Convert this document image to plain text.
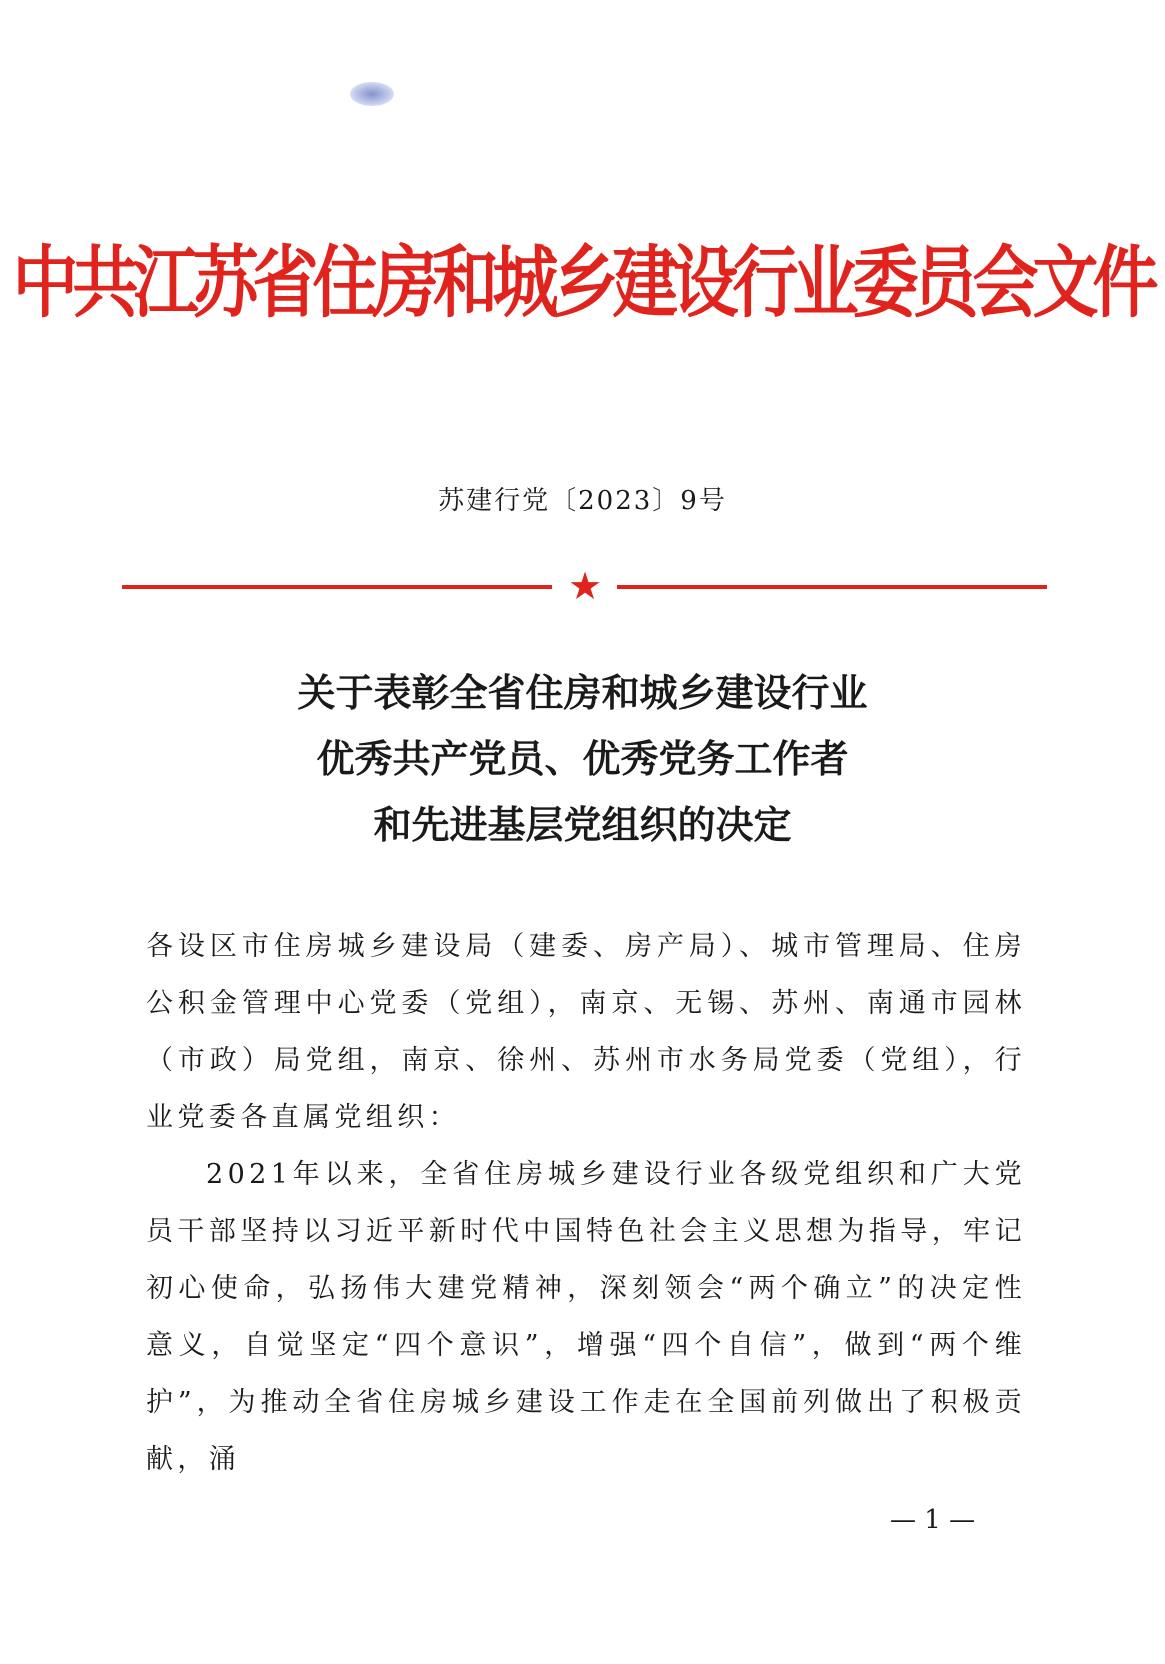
中共江苏省住房和城乡建设行业委员会文件
苏建行党〔2023〕9号
★
关于表彰全省住房和城乡建设行业
优秀共产党员、优秀党务工作者
和先进基层党组织的决定

各设区市住房城乡建设局（建委、房产局）、城市管理局、住房公积金管理中心党委（党组），南京、无锡、苏州、南通市园林（市政）局党组，南京、徐州、苏州市水务局党委（党组），行业党委各直属党组织：

2021年以来，全省住房城乡建设行业各级党组织和广大党员干部坚持以习近平新时代中国特色社会主义思想为指导，牢记初心使命，弘扬伟大建党精神，深刻领会“两个确立”的决定性意义，自觉坚定“四个意识”，增强“四个自信”，做到“两个维护”，为推动全省住房城乡建设工作走在全国前列做出了积极贡献，涌

— 1 —
